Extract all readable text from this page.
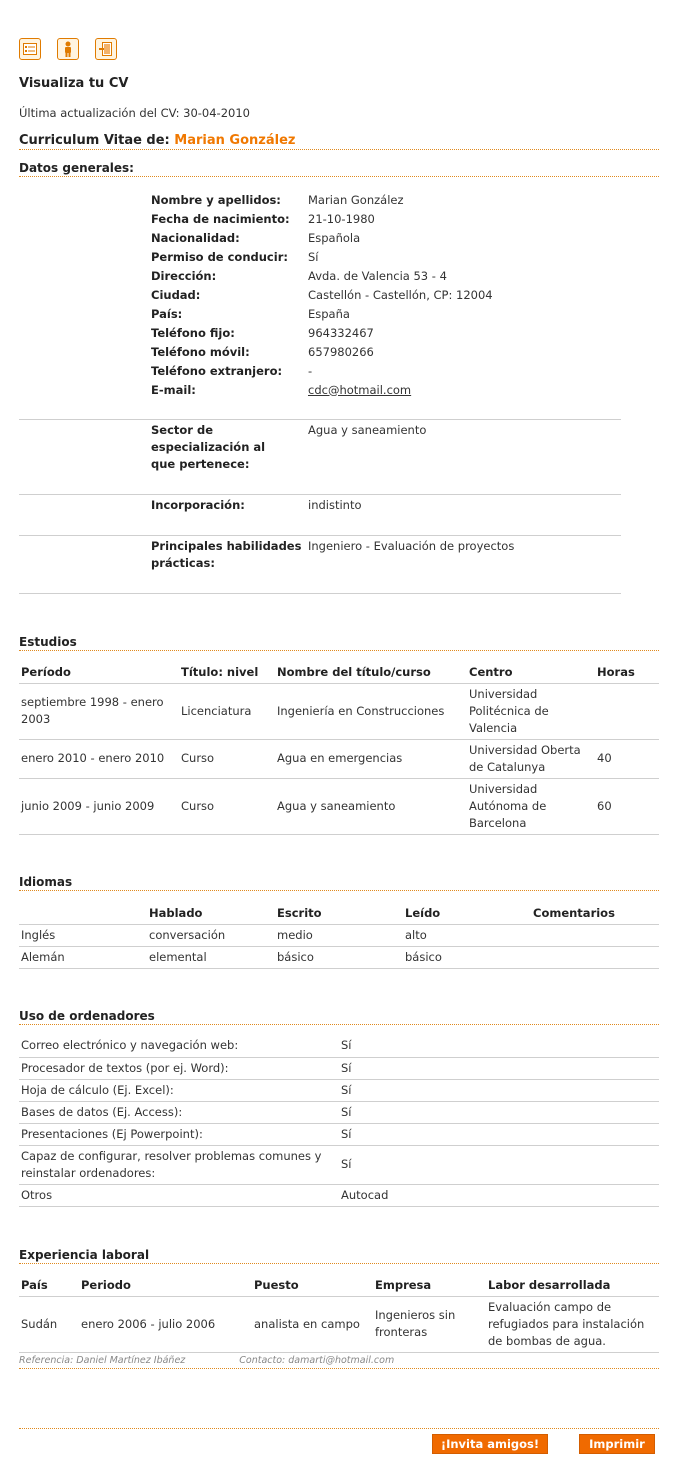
Visualiza tu CV
Última actualización del CV: 30-04-2010
Curriculum Vitae de: Marian González
Datos generales:
Nombre y apellidos:	Marian González
Fecha de nacimiento:	21-10-1980
Nacionalidad:	Española
Permiso de conducir:	Sí
Dirección:	Avda. de Valencia 53 - 4
Ciudad:	Castellón - Castellón, CP: 12004
País:	España
Teléfono fijo:	964332467
Teléfono móvil:	657980266
Teléfono extranjero:	-
E-mail:	cdc@hotmail.com
Sector de especialización al que pertenece:
Agua y saneamiento
Incorporación:	indistinto
Principales habilidades prácticas:
Ingeniero - Evaluación de proyectos
Estudios
Período	Título: nivel	Nombre del título/curso	Centro	Horas
septiembre 1998 - enero 2003	Licenciatura	Ingeniería en Construcciones	Universidad Politécnica de Valencia	
enero 2010 - enero 2010	Curso	Agua en emergencias	Universidad Oberta de Catalunya	40
junio 2009 - junio 2009	Curso	Agua y saneamiento	Universidad Autónoma de Barcelona	60
Idiomas
	Hablado	Escrito	Leído	Comentarios
Inglés	conversación	medio	alto	
Alemán	elemental	básico	básico	
Uso de ordenadores
Correo electrónico y navegación web:	Sí
Procesador de textos (por ej. Word):	Sí
Hoja de cálculo (Ej. Excel):	Sí
Bases de datos (Ej. Access):	Sí
Presentaciones (Ej Powerpoint):	Sí
Capaz de configurar, resolver problemas comunes y reinstalar ordenadores:	Sí
Otros	Autocad
Experiencia laboral
País	Periodo	Puesto	Empresa	Labor desarrollada
Sudán	enero 2006 - julio 2006	analista en campo	Ingenieros sin fronteras	Evaluación campo de refugiados para instalación de bombas de agua.
Referencia: Daniel Martínez Ibáñez	Contacto: damarti@hotmail.com
¡Invita amigos!	Imprimir
